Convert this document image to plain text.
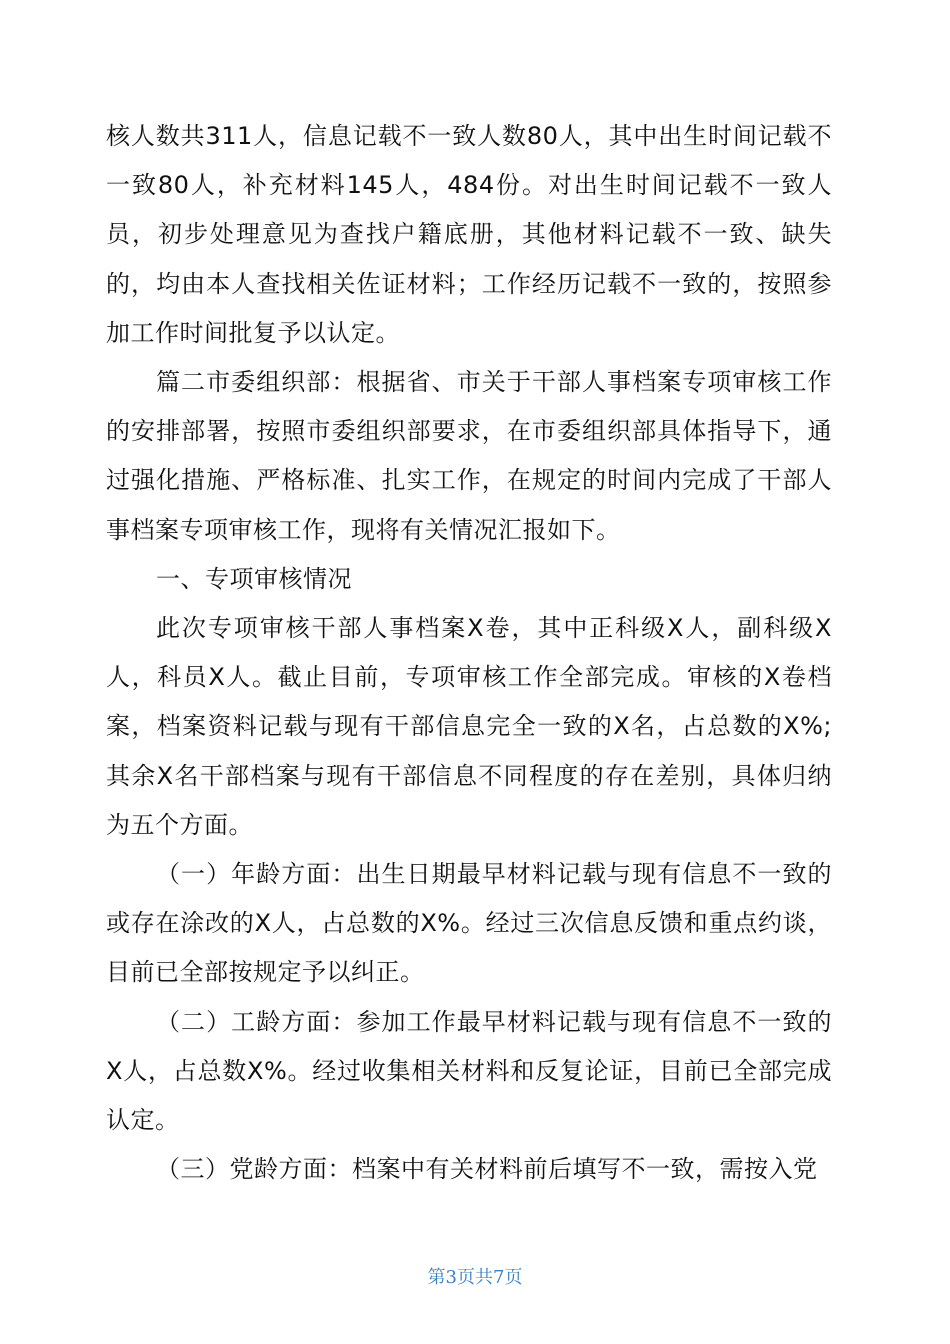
核人数共311人，信息记载不一致人数80人，其中出生时间记载不一致80人，补充材料145人，484份。对出生时间记载不一致人员，初步处理意见为查找户籍底册，其他材料记载不一致、缺失的，均由本人查找相关佐证材料；工作经历记载不一致的，按照参加工作时间批复予以认定。

篇二市委组织部：根据省、市关于干部人事档案专项审核工作的安排部署，按照市委组织部要求，在市委组织部具体指导下，通过强化措施、严格标准、扎实工作，在规定的时间内完成了干部人事档案专项审核工作，现将有关情况汇报如下。

一、专项审核情况

此次专项审核干部人事档案X卷，其中正科级X人，副科级X人，科员X人。截止目前，专项审核工作全部完成。审核的X卷档案，档案资料记载与现有干部信息完全一致的X名，占总数的X%;其余X名干部档案与现有干部信息不同程度的存在差别，具体归纳为五个方面。

（一）年龄方面：出生日期最早材料记载与现有信息不一致的或存在涂改的X人，占总数的X%。经过三次信息反馈和重点约谈，目前已全部按规定予以纠正。

（二）工龄方面：参加工作最早材料记载与现有信息不一致的X人，占总数X%。经过收集相关材料和反复论证，目前已全部完成认定。

（三）党龄方面：档案中有关材料前后填写不一致，需按入党

第3页共7页
